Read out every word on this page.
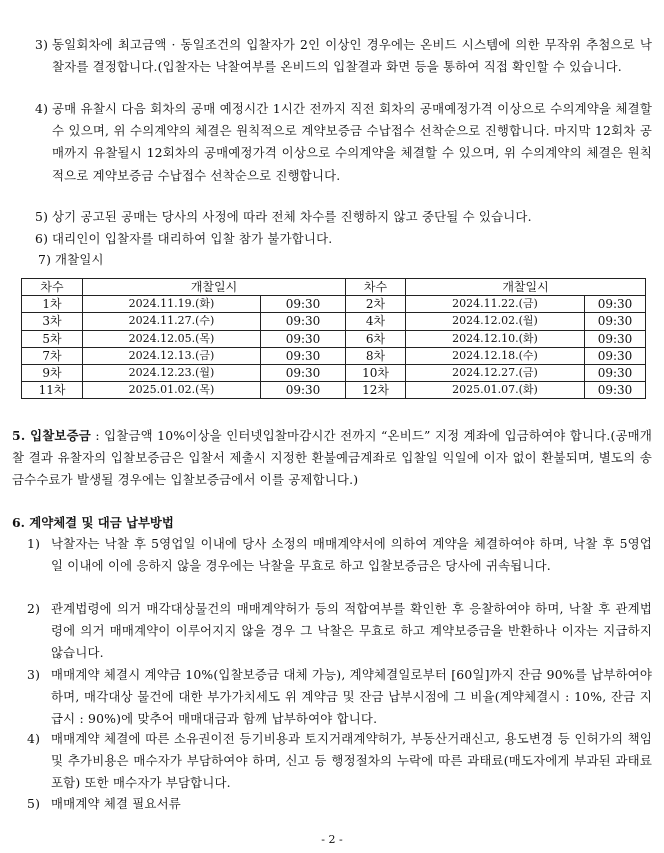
3) 동일회차에 최고금액 · 동일조건의 입찰자가 2인 이상인 경우에는 온비드 시스템에 의한 무작위 추첨으로 낙찰자를 결정합니다.(입찰자는 낙찰여부를 온비드의 입찰결과 화면 등을 통하여 직접 확인할 수 있습니다.
4) 공매 유찰시 다음 회차의 공매 예정시간 1시간 전까지 직전 회차의 공매예정가격 이상으로 수의계약을 체결할 수 있으며, 위 수의계약의 체결은 원칙적으로 계약보증금 수납접수 선착순으로 진행합니다. 마지막 12회차 공매까지 유찰될시 12회차의 공매예정가격 이상으로 수의계약을 체결할 수 있으며, 위 수의계약의 체결은 원칙적으로 계약보증금 수납접수 선착순으로 진행합니다.
5) 상기 공고된 공매는 당사의 사정에 따라 전체 차수를 진행하지 않고 중단될 수 있습니다.
6) 대리인이 입찰자를 대리하여 입찰 참가 불가합니다.
7) 개찰일시
차수	개찰일시		차수	개찰일시	
1차	2024.11.19.(화)	09:30	2차	2024.11.22.(금)	09:30
3차	2024.11.27.(수)	09:30	4차	2024.12.02.(월)	09:30
5차	2024.12.05.(목)	09:30	6차	2024.12.10.(화)	09:30
7차	2024.12.13.(금)	09:30	8차	2024.12.18.(수)	09:30
9차	2024.12.23.(월)	09:30	10차	2024.12.27.(금)	09:30
11차	2025.01.02.(목)	09:30	12차	2025.01.07.(화)	09:30
5. 입찰보증금 : 입찰금액 10%이상을 인터넷입찰마감시간 전까지 “온비드” 지정 계좌에 입금하여야 합니다.(공매개찰 결과 유찰자의 입찰보증금은 입찰서 제출시 지정한 환불예금계좌로 입찰일 익일에 이자 없이 환불되며, 별도의 송금수수료가 발생될 경우에는 입찰보증금에서 이를 공제합니다.)
6. 계약체결 및 대금 납부방법
1) 낙찰자는 낙찰 후 5영업일 이내에 당사 소정의 매매계약서에 의하여 계약을 체결하여야 하며, 낙찰 후 5영업일 이내에 이에 응하지 않을 경우에는 낙찰을 무효로 하고 입찰보증금은 당사에 귀속됩니다.
2) 관계법령에 의거 매각대상물건의 매매계약허가 등의 적합여부를 확인한 후 응찰하여야 하며, 낙찰 후 관계법령에 의거 매매계약이 이루어지지 않을 경우 그 낙찰은 무효로 하고 계약보증금을 반환하나 이자는 지급하지 않습니다.
3) 매매계약 체결시 계약금 10%(입찰보증금 대체 가능), 계약체결일로부터 [60일]까지 잔금 90%를 납부하여야 하며, 매각대상 물건에 대한 부가가치세도 위 계약금 및 잔금 납부시점에 그 비율(계약체결시 : 10%, 잔금 지급시 : 90%)에 맞추어 매매대금과 함께 납부하여야 합니다.
4) 매매계약 체결에 따른 소유권이전 등기비용과 토지거래계약허가, 부동산거래신고, 용도변경 등 인허가의 책임 및 추가비용은 매수자가 부담하여야 하며, 신고 등 행정절차의 누락에 따른 과태료(매도자에게 부과된 과태료 포함) 또한 매수자가 부담합니다.
5) 매매계약 체결 필요서류
- 2 -
